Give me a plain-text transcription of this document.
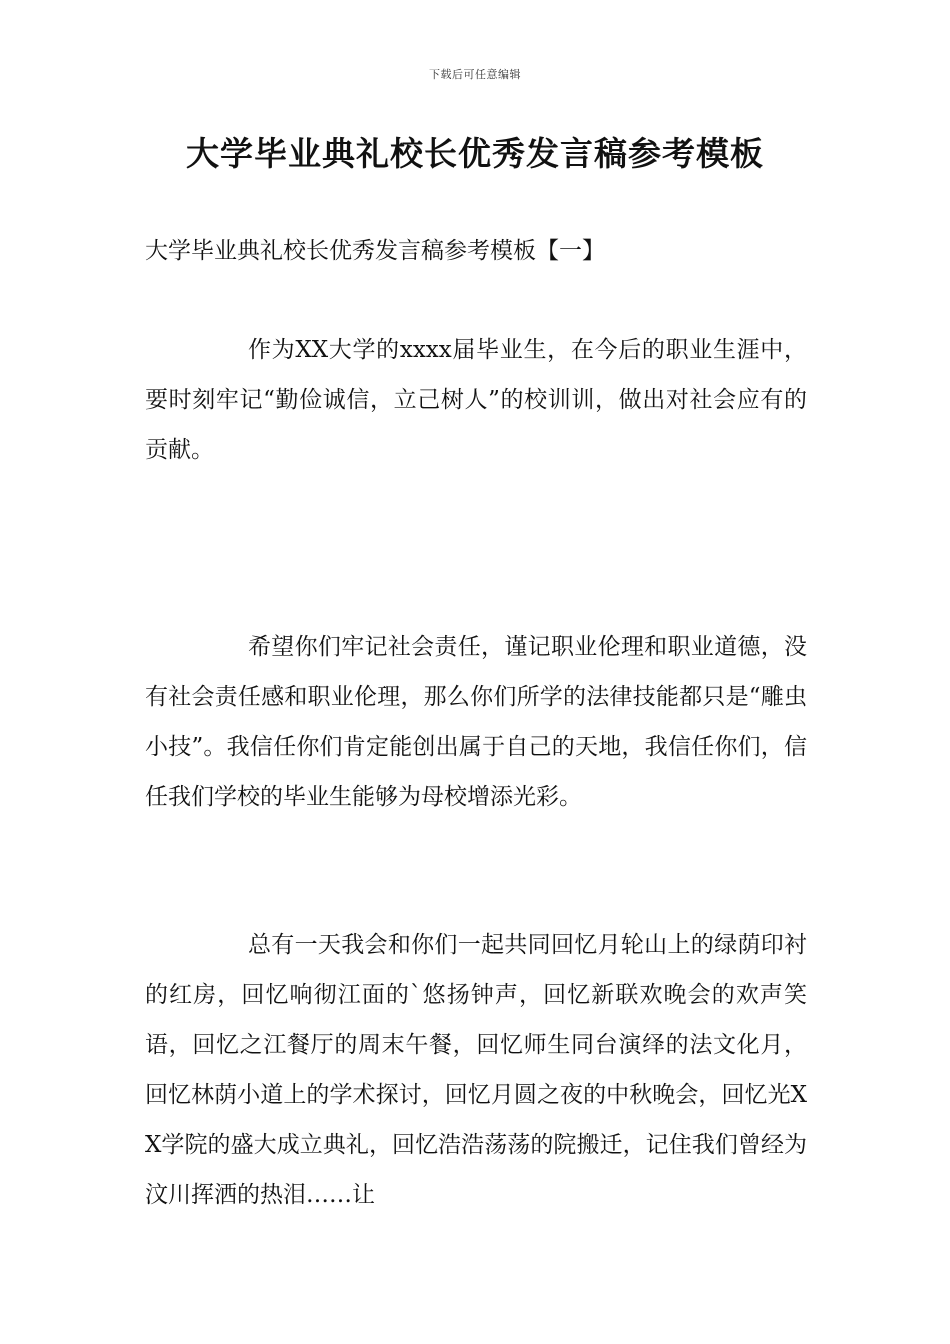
下载后可任意编辑
大学毕业典礼校长优秀发言稿参考模板
大学毕业典礼校长优秀发言稿参考模板【一】

作为XX大学的xxxx届毕业生，在今后的职业生涯中，要时刻牢记“勤俭诚信，立己树人”的校训训，做出对社会应有的贡献。

希望你们牢记社会责任，谨记职业伦理和职业道德，没有社会责任感和职业伦理，那么你们所学的法律技能都只是“雕虫小技”。我信任你们肯定能创出属于自己的天地，我信任你们，信任我们学校的毕业生能够为母校增添光彩。

总有一天我会和你们一起共同回忆月轮山上的绿荫印衬的红房，回忆响彻江面的`悠扬钟声，回忆新联欢晚会的欢声笑语，回忆之江餐厅的周末午餐，回忆师生同台演绎的法文化月，回忆林荫小道上的学术探讨，回忆月圆之夜的中秋晚会，回忆光XX学院的盛大成立典礼，回忆浩浩荡荡的院搬迁，记住我们曾经为汶川挥洒的热泪……让
